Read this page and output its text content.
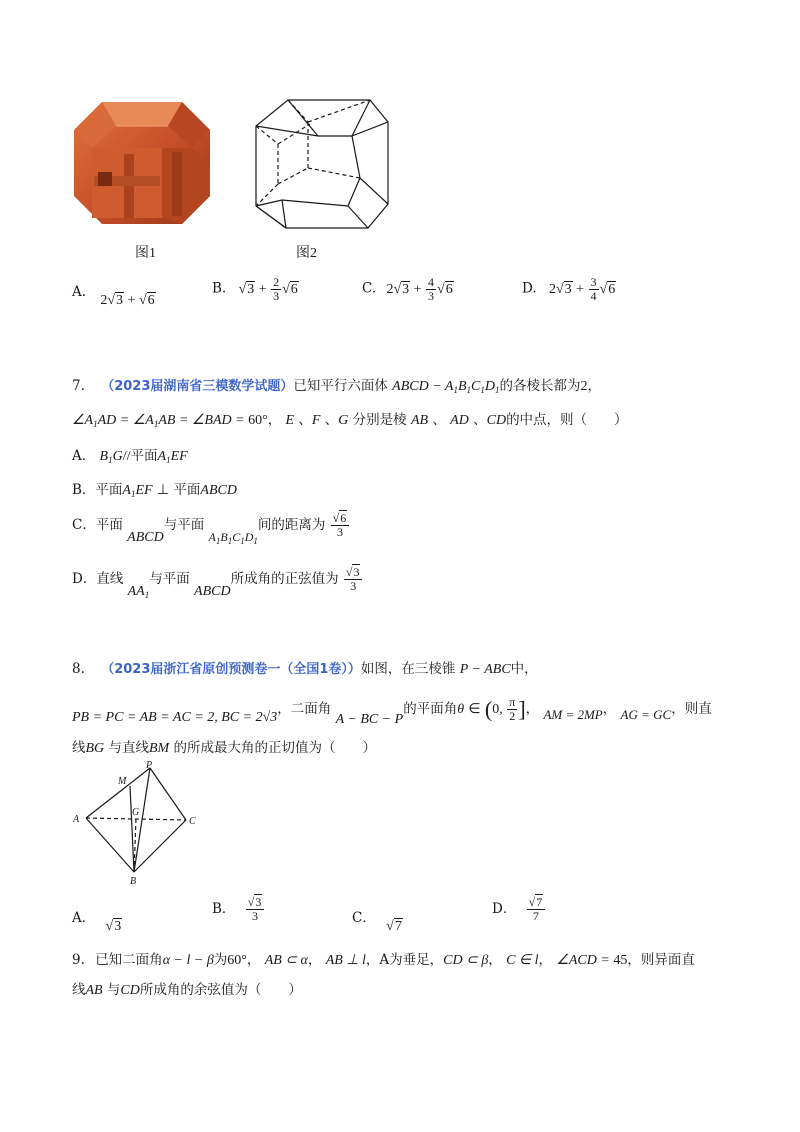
图1	图2
A. 2√3 + √6
B. $√3 + \frac{2}{3} √6$	C. $2√3 + \frac{4}{3} √6$	D. $2√3 + \frac{3}{4} √6$
7. （2023届湖南省三模数学试题）已知平行六面体 ABCD − $A_1B_1C_1D_1$的各棱长都为2，
$\angle A_1AD$ = $\angle A_1AB$ = ∠BAD = 60°， E 、F 、G 分别是棱 AB 、 AD 、CD的中点，则（　　）
A． $B_1G//$平面$A_1EF$
B．平面$A_1EF$ ⊥ 平面ABCD
C．平面 ABCD与平面 $A_1B_1C_1D_1$间的距离为 $\frac{√6}{3}$
D．直线 $AA_1$与平面 ABCD所成角的正弦值为 $\frac{√3}{3}$
8. （2023届浙江省原创预测卷一（全国1卷））如图，在三棱锥 P − ABC中，
PB = PC = AB = AC = 2, BC = 2√3，二面角 A − BC − P的平面角θ ∈ (0, $\frac{\pi}{2}$ ]， AM = 2MP， AG = GC，则直
线BG 与直线BM 的所成最大角的正切值为（　　）
P
M
A
G
C
B
A． √3
B． $\frac{√3}{3}$	C． √7
D． $\frac{√7}{7}$
9. 已知二面角α − l − β为60°， AB ⊂ α， AB ⊥ l，A为垂足，CD ⊂ β， C ∈ l， ∠ACD = 45，则异面直
线AB 与CD所成角的余弦值为（　　）
